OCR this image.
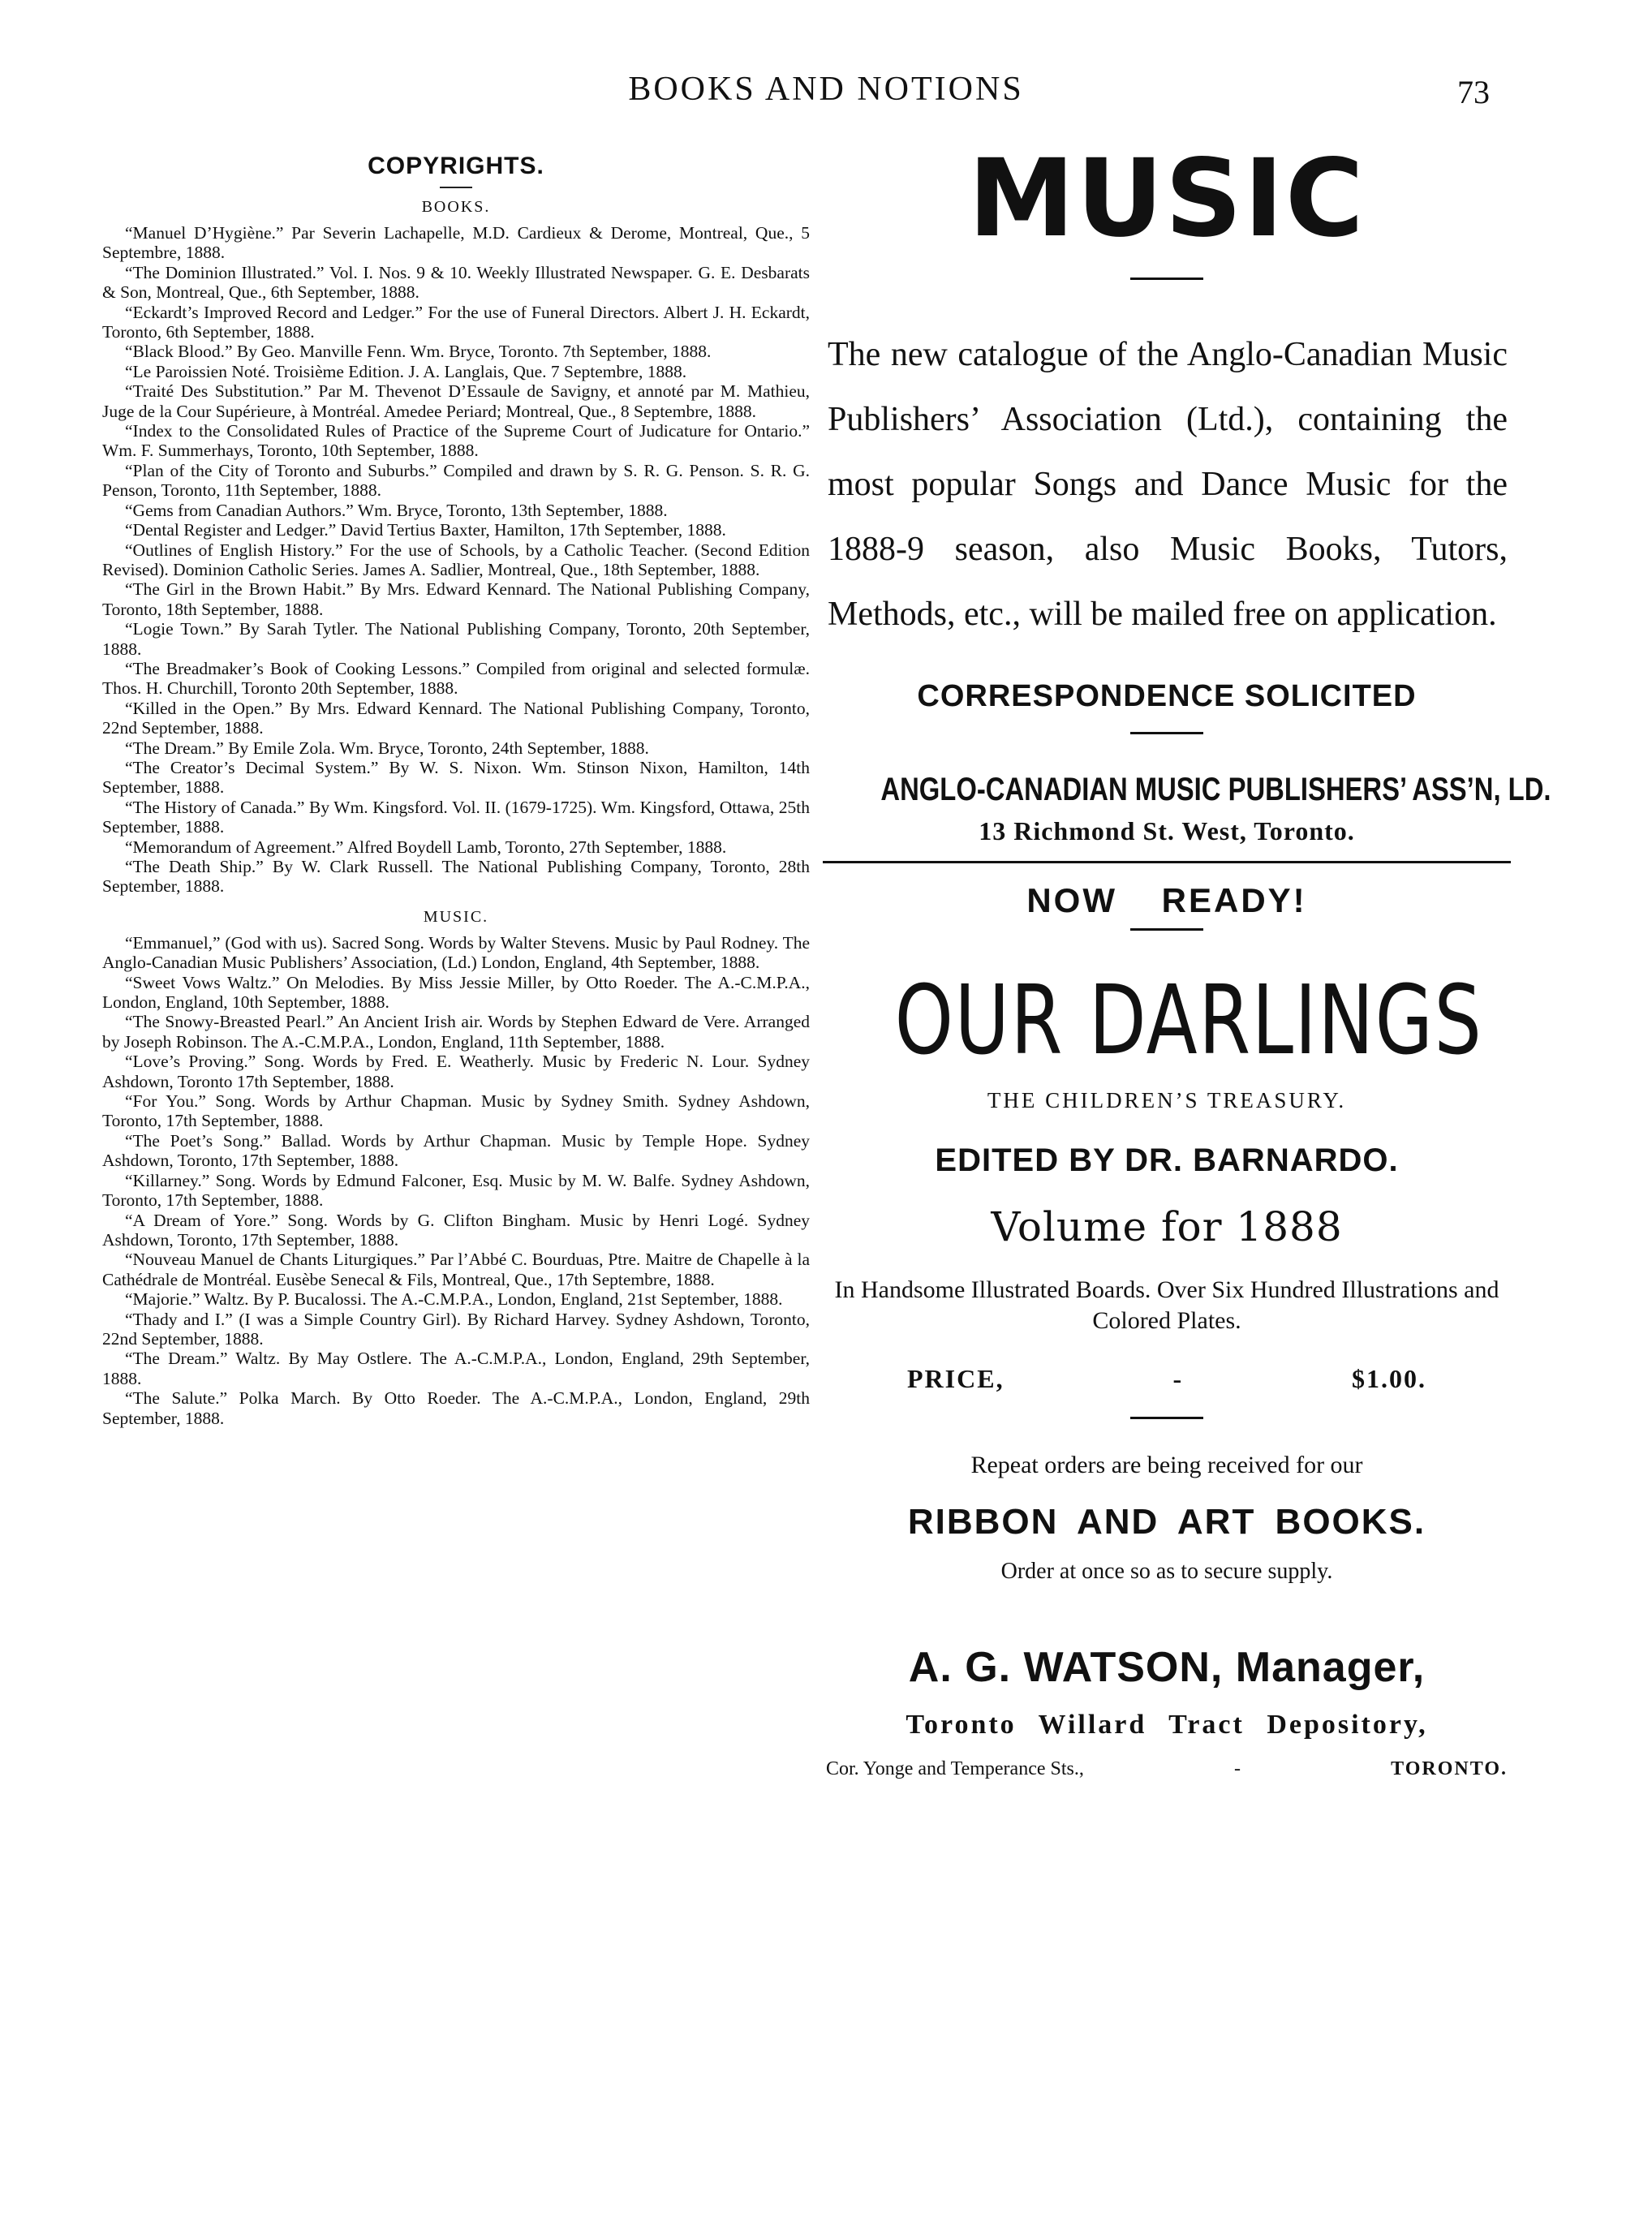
BOOKS AND NOTIONS	73
COPYRIGHTS.
BOOKS.

“Manuel D’Hygiène.” Par Severin Lachapelle, M.D. Cardieux & Derome, Montreal, Que., 5 Septembre, 1888.

“The Dominion Illustrated.” Vol. I. Nos. 9 & 10. Weekly Illustrated Newspaper. G. E. Desbarats & Son, Montreal, Que., 6th September, 1888.

“Eckardt’s Improved Record and Ledger.” For the use of Funeral Directors. Albert J. H. Eckardt, Toronto, 6th September, 1888.

“Black Blood.” By Geo. Manville Fenn. Wm. Bryce, Toronto. 7th September, 1888.

“Le Paroissien Noté. Troisième Edition. J. A. Langlais, Que. 7 Septembre, 1888.

“Traité Des Substitution.” Par M. Thevenot D’Essaule de Savigny, et annoté par M. Mathieu, Juge de la Cour Supérieure, à Montréal. Amedee Periard; Montreal, Que., 8 Septembre, 1888.

“Index to the Consolidated Rules of Practice of the Supreme Court of Judicature for Ontario.” Wm. F. Summerhays, Toronto, 10th September, 1888.

“Plan of the City of Toronto and Suburbs.” Compiled and drawn by S. R. G. Penson. S. R. G. Penson, Toronto, 11th September, 1888.

“Gems from Canadian Authors.” Wm. Bryce, Toronto, 13th September, 1888.

“Dental Register and Ledger.” David Tertius Baxter, Hamilton, 17th September, 1888.

“Outlines of English History.” For the use of Schools, by a Catholic Teacher. (Second Edition Revised). Dominion Catholic Series. James A. Sadlier, Montreal, Que., 18th September, 1888.

“The Girl in the Brown Habit.” By Mrs. Edward Kennard. The National Publishing Company, Toronto, 18th September, 1888.

“Logie Town.” By Sarah Tytler. The National Publishing Company, Toronto, 20th September, 1888.

“The Breadmaker’s Book of Cooking Lessons.” Compiled from original and selected formulæ. Thos. H. Churchill, Toronto 20th September, 1888.

“Killed in the Open.” By Mrs. Edward Kennard. The National Publishing Company, Toronto, 22nd September, 1888.

“The Dream.” By Emile Zola. Wm. Bryce, Toronto, 24th September, 1888.

“The Creator’s Decimal System.” By W. S. Nixon. Wm. Stinson Nixon, Hamilton, 14th September, 1888.

“The History of Canada.” By Wm. Kingsford. Vol. II. (1679-1725). Wm. Kingsford, Ottawa, 25th September, 1888.

“Memorandum of Agreement.” Alfred Boydell Lamb, Toronto, 27th September, 1888.

“The Death Ship.” By W. Clark Russell. The National Publishing Company, Toronto, 28th September, 1888.

MUSIC.

“Emmanuel,” (God with us). Sacred Song. Words by Walter Stevens. Music by Paul Rodney. The Anglo-Canadian Music Publishers’ Association, (Ld.) London, England, 4th September, 1888.

“Sweet Vows Waltz.” On Melodies. By Miss Jessie Miller, by Otto Roeder. The A.-C.M.P.A., London, England, 10th September, 1888.

“The Snowy-Breasted Pearl.” An Ancient Irish air. Words by Stephen Edward de Vere. Arranged by Joseph Robinson. The A.-C.M.P.A., London, England, 11th September, 1888.

“Love’s Proving.” Song. Words by Fred. E. Weatherly. Music by Frederic N. Lour. Sydney Ashdown, Toronto 17th September, 1888.

“For You.” Song. Words by Arthur Chapman. Music by Sydney Smith. Sydney Ashdown, Toronto, 17th September, 1888.

“The Poet’s Song.” Ballad. Words by Arthur Chapman. Music by Temple Hope. Sydney Ashdown, Toronto, 17th September, 1888.

“Killarney.” Song. Words by Edmund Falconer, Esq. Music by M. W. Balfe. Sydney Ashdown, Toronto, 17th September, 1888.

“A Dream of Yore.” Song. Words by G. Clifton Bingham. Music by Henri Logé. Sydney Ashdown, Toronto, 17th September, 1888.

“Nouveau Manuel de Chants Liturgiques.” Par l’Abbé C. Bourduas, Ptre. Maitre de Chapelle à la Cathédrale de Montréal. Eusèbe Senecal & Fils, Montreal, Que., 17th Septembre, 1888.

“Majorie.” Waltz. By P. Bucalossi. The A.-C.M.P.A., London, England, 21st September, 1888.

“Thady and I.” (I was a Simple Country Girl). By Richard Harvey. Sydney Ashdown, Toronto, 22nd September, 1888.

“The Dream.” Waltz. By May Ostlere. The A.-C.M.P.A., London, England, 29th September, 1888.

“The Salute.” Polka March. By Otto Roeder. The A.-C.M.P.A., London, England, 29th September, 1888.

MUSIC

The new catalogue of the Anglo-Canadian Music Publishers’ Association (Ltd.), containing the most popular Songs and Dance Music for the 1888-9 season, also Music Books, Tutors, Methods, etc., will be mailed free on application.

CORRESPONDENCE SOLICITED
ANGLO-CANADIAN MUSIC PUBLISHERS’ ASS’N, LD.
13 Richmond St. West, Toronto.
NOW READY!
OUR DARLINGS
THE CHILDREN’S TREASURY.
EDITED BY DR. BARNARDO.
Volume for 1888
In Handsome Illustrated Boards. Over Six Hundred Illustrations and Colored Plates.
PRICE,	-	$1.00.
Repeat orders are being received for our
RIBBON AND ART BOOKS.
Order at once so as to secure supply.
A. G. WATSON, Manager,
Toronto Willard Tract Depository,
Cor. Yonge and Temperance Sts.,	-	TORONTO.
